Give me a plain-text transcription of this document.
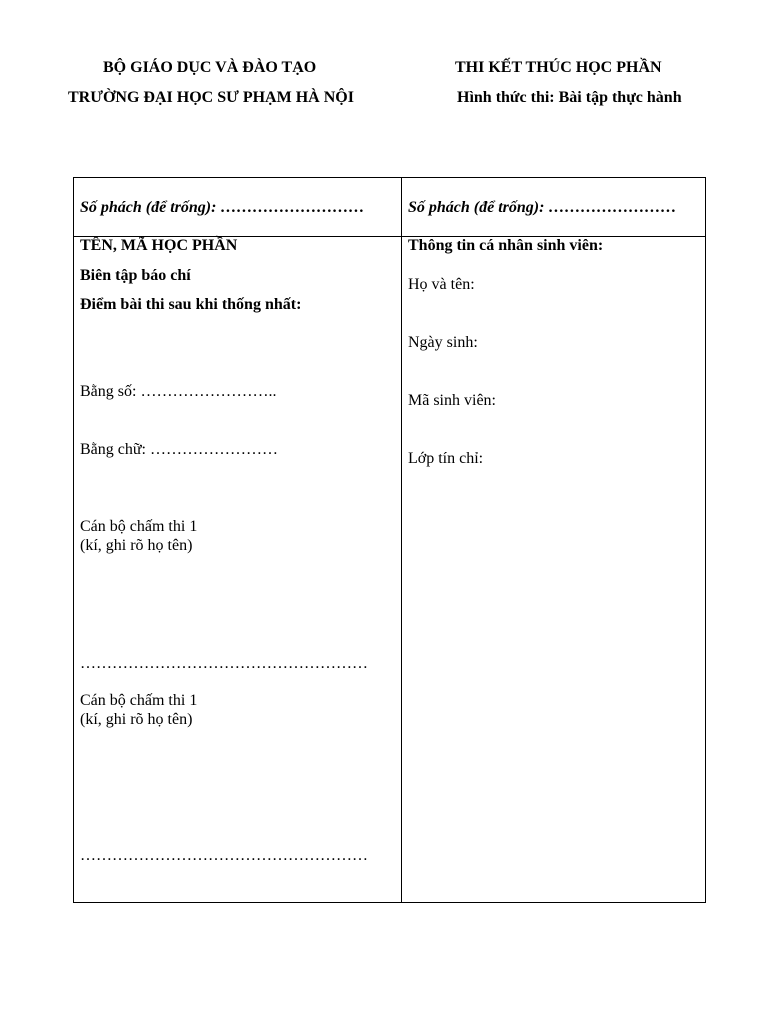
BỘ GIÁO DỤC VÀ ĐÀO TẠO
TRƯỜNG ĐẠI HỌC SƯ PHẠM HÀ NỘI
THI KẾT THÚC HỌC PHẦN
Hình thức thi: Bài tập thực hành
Số phách (để trống): ………………………	Số phách (để trống): ……………………
TÊN, MÃ HỌC PHẦN
Biên tập báo chí
Điểm bài thi sau khi thống nhất:
Bằng số: ……………………..
Bằng chữ: ……………………
Cán bộ chấm thi 1
(kí, ghi rõ họ tên)
………………………………………………
Cán bộ chấm thi 1
(kí, ghi rõ họ tên)
………………………………………………
Thông tin cá nhân sinh viên:
Họ và tên:
Ngày sinh:
Mã sinh viên:
Lớp tín chỉ:
